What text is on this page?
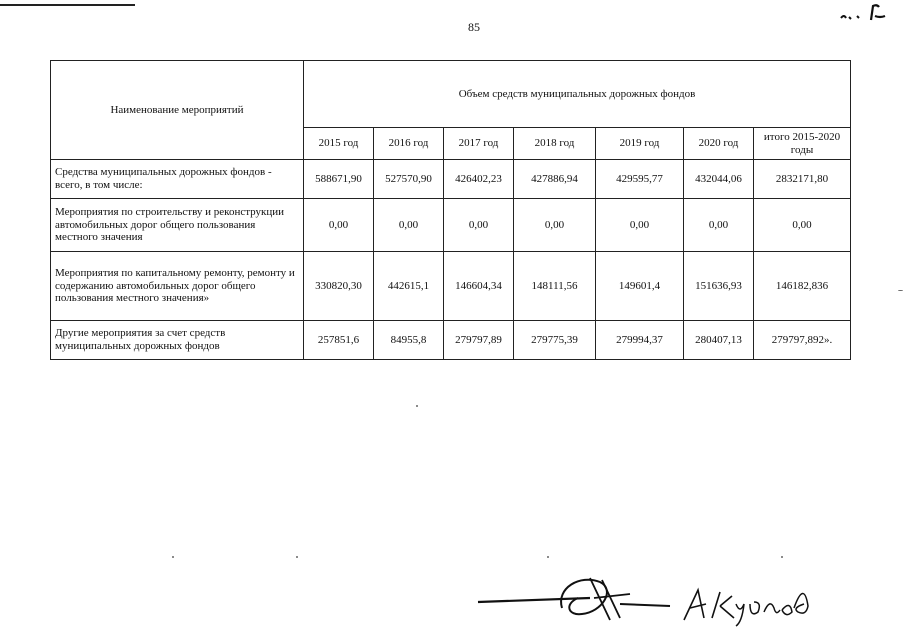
85
Наименование мероприятий	Объем средств муниципальных дорожных фондов						
	2015 год	2016 год	2017 год	2018 год	2019 год	2020 год	итого 2015-2020 годы
Средства муниципальных дорожных фондов - всего, в том числе:	588671,90	527570,90	426402,23	427886,94	429595,77	432044,06	2832171,80
Мероприятия по строительству и реконструкции автомобильных дорог общего пользования местного значения	0,00	0,00	0,00	0,00	0,00	0,00	0,00
Мероприятия по капитальному ремонту, ремонту и содержанию автомобильных дорог общего пользования местного значения»	330820,30	442615,1	146604,34	148111,56	149601,4	151636,93	146182,836
Другие мероприятия за счет средств муниципальных дорожных фондов	257851,6	84955,8	279797,89	279775,39	279994,37	280407,13	279797,892».
